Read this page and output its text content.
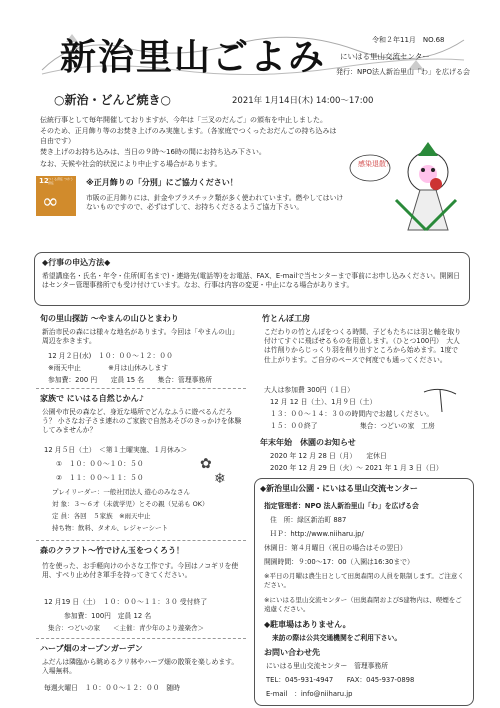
新治里山ごよみ	令和２年11月　NO.68
にいはる里山交流センター
発行：NPO法人新治里山「わ」を広げる会
○新治・どんど焼き○	2021年 1月14日(木) 14:00～17:00

伝統行事として毎年開催しておりますが、今年は「三叉のだんご」の頒布を中止しました。

そのため、正月飾り等のお焚き上げのみ実施します。（各家庭でつくったおだんごの持ち込みは自由です）

焚き上げのお持ち込みは、当日の９時～16時の間にお持ち込み下さい。

なお、天候や社会的状況により中止する場合があります。	感染退散！
12 つくる責任 つかう責任
∞
※正月飾りの「分別」にご協力ください！
市販の正月飾りには、針金やプラスチック類が多く使われています。燃やしてはいけないものですので、必ずはずして、お持ちくださるようご協力下さい。
◆行事の申込方法◆
希望講座名・氏名・年令・住所(町名まで)・連絡先(電話等)をお電話、FAX、E-mailで当センターまで事前にお申し込みください。開園日はセンター管理事務所でも受け付けています。なお、行事は内容の変更・中止になる場合があります。
旬の里山探訪 ～やまんの山ひとまわり
新治市民の森には様々な地名があります。今回は「やまんの山」周辺を歩きます。
12 月２日(水)　１０：００～１２：００
※雨天中止　　　　※月は山休みします
参加費：200 円　　定員 15 名　　集合：管理事務所
家族で にいはる自然じかん♪
公園や市民の森など、身近な場所でどんなふうに遊べるんだろう？ 小さなお子さま連れのご家族で自然あそびのきっかけを体験してみませんか？
12 月５日（土）　＜第１土曜実施、１月休み＞
①　１０：００～１０：５０
②　１１：００～１１：５０
プレイリーダー：一般社団法人 遊心のみなさん
対 象：３～６才（未就学児）とその親（兄弟も OK）
定 員：各回　５家族　※雨天中止
持ち物：飲料、タオル、レジャーシート
✿
❄
森のクラフト～竹でけん玉をつくろう！
竹を使った、お手軽向けの小さな工作です。今回はノコギリを使用、すべり止め付き軍手を持ってきてください。
12 月19 日（土）　１０：００～１１：３０ 受付終了
参加費：100円　定員 12 名
集合：つどいの家　　＜主催：青少年のより遊楽舎＞
ハーブ畑のオープンガーデン
ふだんは隣臨から眺めるクリ林やハーブ畑の散策を楽しめます。　入場無料。
毎週火曜日　１０：００～１２：００　随時
竹とんぼ工房
こだわりの竹とんぼをつくる時間、子どもたちには羽と軸を取り付けてすぐに飛ばせるものを用意します。（ひとつ100円）　大人は竹削りからじっくり羽を削り出すところから始めます。1度で仕上がります。ご自分のペースで何度でも通ってください。
大人は参加費 300円（１日）
12 月 12 日（土）、1月９日（土）
１３：００～１４：３０の時間内でお越しください。
１５：００終了	集合：つどいの家　工房
年末年始　休園のお知らせ
2020 年 12 月 28 日（月）　　定休日
2020 年 12 月 29 日（火）～ 2021 年 1 月 3 日（日）
◆新治里山公園・にいはる里山交流センター
指定管理者：NPO 法人新治里山「わ」を広げる会
住　所：緑区新治町 887
ＨＰ：http://www.niiharu.jp/
休園日：第４月曜日（祝日の場合はその翌日）
開園時間：９:00～17：00（入園は16:30まで）
※平日の月曜は農生日として田奥森閉の人員を限制します。ご注意ください。
※にいはる里山交流センター（田奥森閉およびS建物内は、喫煙をご遠慮ください。
◆駐車場はありません。
来訪の際は公共交通機関をご利用下さい。
お問い合わせ先
にいはる里山交流センター　管理事務所
TEL：045-931-4947　　FAX：045-937-0898
E-mail　：info@niiharu.jp
